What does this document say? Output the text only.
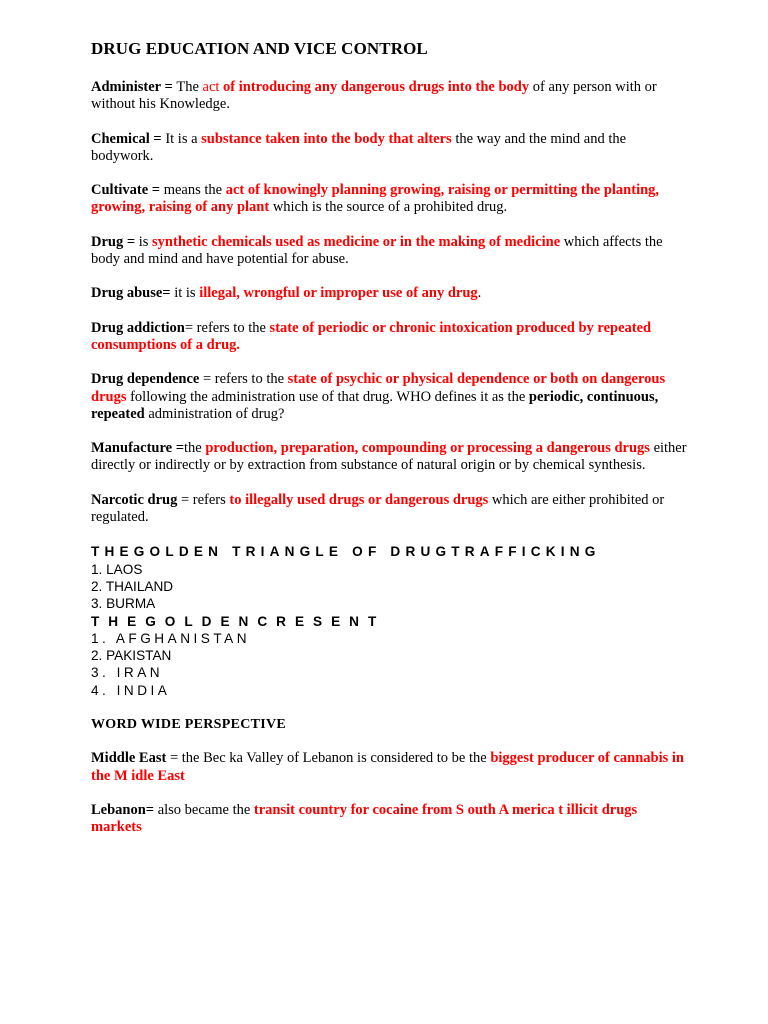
DRUG EDUCATION AND VICE CONTROL
Administer = The act of introducing any dangerous drugs into the body of any person with or without his Knowledge.
Chemical = It is a substance taken into the body that alters the way and the mind and the bodywork.
Cultivate = means the act of knowingly planning growing, raising or permitting the planting, growing, raising of any plant which is the source of a prohibited drug.
Drug = is synthetic chemicals used as medicine or in the making of medicine which affects the body and mind and have potential for abuse.
Drug abuse= it is illegal, wrongful or improper use of any drug.
Drug addiction= refers to the state of periodic or chronic intoxication produced by repeated consumptions of a drug.
Drug dependence = refers to the state of psychic or physical dependence or both on dangerous drugs following the administration use of that drug. WHO defines it as the periodic, continuous, repeated administration of drug?
Manufacture =the production, preparation, compounding or processing a dangerous drugs either directly or indirectly or by extraction from substance of natural origin or by chemical synthesis.
Narcotic drug = refers to illegally used drugs or dangerous drugs which are either prohibited or regulated.
THEGOLDEN TRIANGLE OF DRUGTRAFFICKING
1. LAOS
2. THAILAND
3. BURMA
THEGOLDENCRESENT
1. AFGHANISTAN
2. PAKISTAN
3. IRAN
4. INDIA
WORD WIDE PERSPECTIVE
Middle East = the Bec ka Valley of Lebanon is considered to be the biggest producer of cannabis in the M idle East
Lebanon= also became the transit country for cocaine from S outh A merica t illicit drugs markets
